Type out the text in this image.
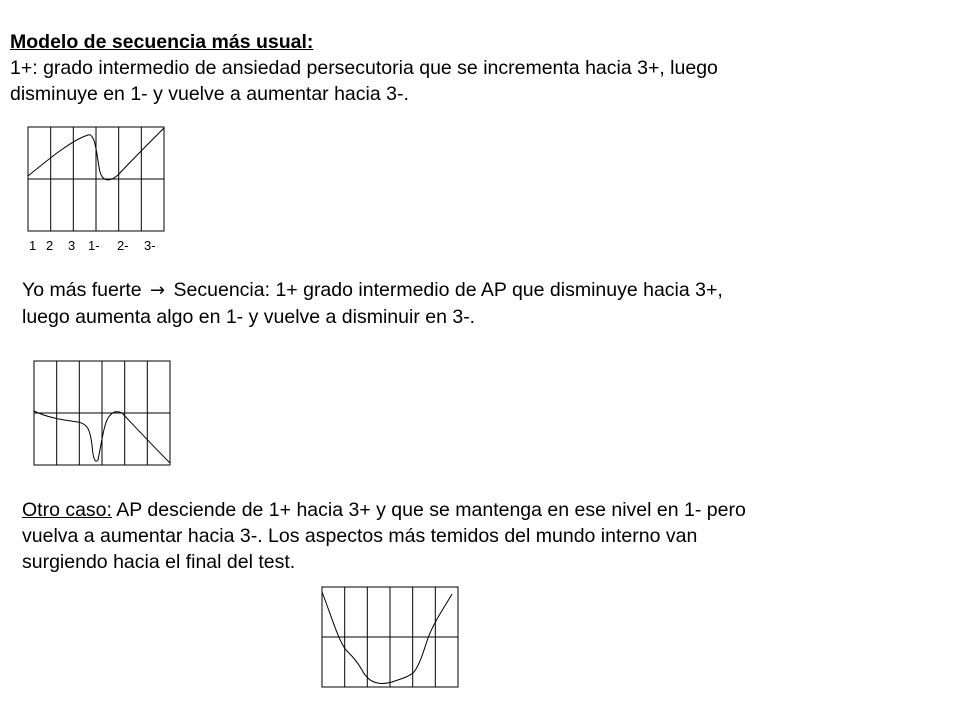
Modelo de secuencia más usual:
1+: grado intermedio de ansiedad persecutoria que se incrementa hacia 3+, luego
disminuye en 1- y vuelve a aumentar hacia 3-.
1 2 3 1- 2- 3-
Yo más fuerte → Secuencia: 1+ grado intermedio de AP que disminuye hacia 3+,
luego aumenta algo en 1- y vuelve a disminuir en 3-.
Otro caso: AP desciende de 1+ hacia 3+ y que se mantenga en ese nivel en 1- pero
vuelva a aumentar hacia 3-. Los aspectos más temidos del mundo interno van
surgiendo hacia el final del test.
